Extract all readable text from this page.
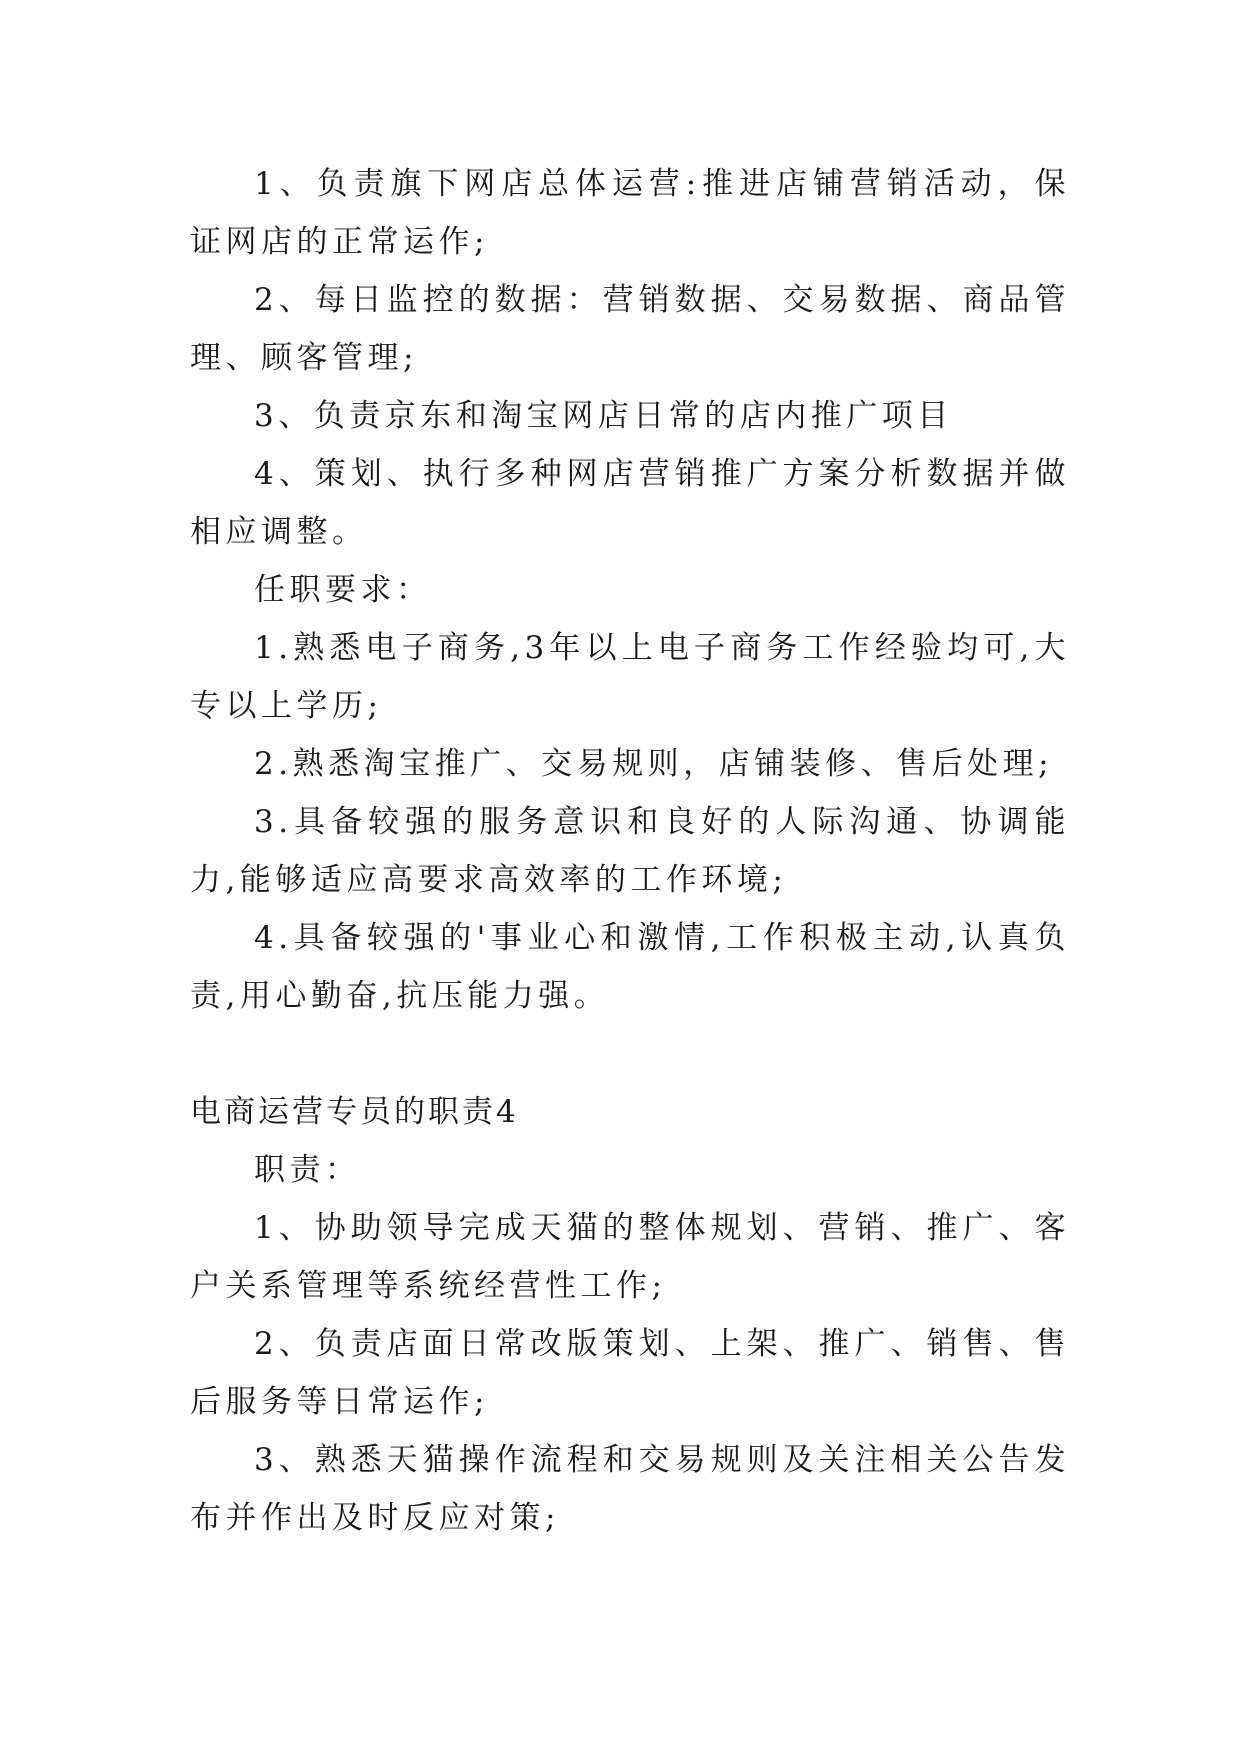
1、负责旗下网店总体运营:推进店铺营销活动，保证网店的正常运作;

2、每日监控的数据：营销数据、交易数据、商品管理、顾客管理;

3、负责京东和淘宝网店日常的店内推广项目

4、策划、执行多种网店营销推广方案分析数据并做相应调整。

任职要求：

1.熟悉电子商务,3年以上电子商务工作经验均可,大专以上学历;

2.熟悉淘宝推广、交易规则，店铺装修、售后处理;

3.具备较强的服务意识和良好的人际沟通、协调能力,能够适应高要求高效率的工作环境;

4.具备较强的'事业心和激情,工作积极主动,认真负责,用心勤奋,抗压能力强。

电商运营专员的职责4

职责：

1、协助领导完成天猫的整体规划、营销、推广、客户关系管理等系统经营性工作;

2、负责店面日常改版策划、上架、推广、销售、售后服务等日常运作;

3、熟悉天猫操作流程和交易规则及关注相关公告发布并作出及时反应对策;
